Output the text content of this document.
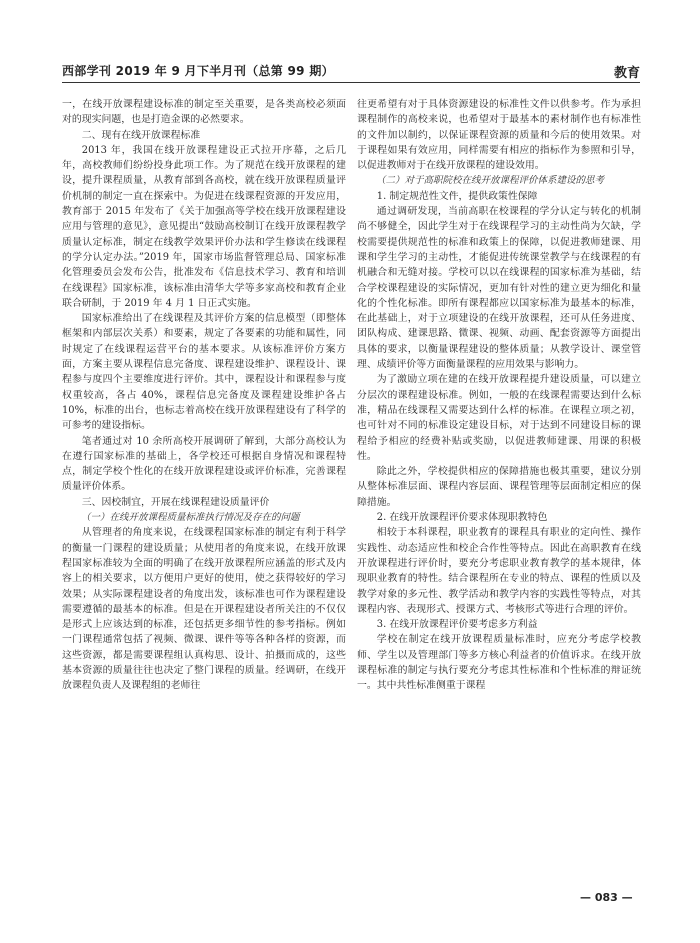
西部学刊 2019 年 9 月下半月刊（总第 99 期）	教育

一，在线开放课程建设标准的制定至关重要，是各类高校必须面对的现实问题，也是打造金课的必然要求。

二、现有在线开放课程标准

2013 年，我国在线开放课程建设正式拉开序幕，之后几年，高校教师们纷纷投身此项工作。为了规范在线开放课程的建设，提升课程质量，从教育部到各高校，就在线开放课程质量评价机制的制定一直在探索中。为促进在线课程资源的开发应用，教育部于 2015 年发布了《关于加强高等学校在线开放课程建设应用与管理的意见》，意见提出“鼓励高校制订在线开放课程教学质量认定标准，制定在线教学效果评价办法和学生修读在线课程的学分认定办法。”2019 年，国家市场监督管理总局、国家标准化管理委员会发布公告，批准发布《信息技术学习、教育和培训在线课程》国家标准，该标准由清华大学等多家高校和教育企业联合研制，于 2019 年 4 月 1 日正式实施。

国家标准给出了在线课程及其评价方案的信息模型（即整体框架和内部层次关系）和要素，规定了各要素的功能和属性，同时规定了在线课程运营平台的基本要求。从该标准评价方案方面，方案主要从课程信息完备度、课程建设维护、课程设计、课程参与度四个主要维度进行评价。其中，课程设计和课程参与度权重较高，各占 40%，课程信息完备度及课程建设维护各占 10%，标准的出台，也标志着高校在线开放课程建设有了科学的可参考的建设指标。

笔者通过对 10 余所高校开展调研了解到，大部分高校认为在遵行国家标准的基础上，各学校还可根据自身情况和课程特点，制定学校个性化的在线开放课程建设或评价标准，完善课程质量评价体系。

三、因校制宜，开展在线课程建设质量评价
（一）在线开放课程质量标准执行情况及存在的问题

从管理者的角度来说，在线课程国家标准的制定有利于科学的衡量一门课程的建设质量；从使用者的角度来说，在线开放课程国家标准较为全面的明确了在线开放课程所应涵盖的形式及内容上的相关要求，以方便用户更好的使用，使之获得较好的学习效果；从实际课程建设者的角度出发，该标准也可作为课程建设需要遵循的最基本的标准。但是在开课程建设者所关注的不仅仅是形式上应该达到的标准，还包括更多细节性的参考指标。例如一门课程通常包括了视频、微课、课件等等各种各样的资源，而这些资源，都是需要课程组认真构思、设计、拍摄而成的，这些基本资源的质量往往也决定了整门课程的质量。经调研，在线开放课程负责人及课程组的老师往

往更希望有对于具体资源建设的标准性文件以供参考。作为承担课程制作的高校来说，也希望对于最基本的素材制作也有标准性的文件加以制约，以保证课程资源的质量和今后的使用效果。对于课程如果有效应用，同样需要有相应的指标作为参照和引导，以促进教师对于在线开放课程的建设效用。

（二）对于高职院校在线开放课程评价体系建设的思考
1. 制定规范性文件，提供政策性保障

通过调研发现，当前高职在校课程的学分认定与转化的机制尚不够健全，因此学生对于在线课程学习的主动性尚为欠缺，学校需要提供规范性的标准和政策上的保障，以促进教师建课、用课和学生学习的主动性，才能促进传统课堂教学与在线课程的有机融合和无缝对接。学校可以以在线课程的国家标准为基础，结合学校课程建设的实际情况，更加有针对性的建立更为细化和量化的个性化标准。即所有课程都应以国家标准为最基本的标准，在此基础上，对于立项建设的在线开放课程，还可从任务进度、团队构成、建课思路、微课、视频、动画、配套资源等方面提出具体的要求，以衡量课程建设的整体质量；从教学设计、课堂管理、成绩评价等方面衡量课程的应用效果与影响力。

为了激励立项在建的在线开放课程提升建设质量，可以建立分层次的课程建设标准。例如，一般的在线课程需要达到什么标准，精品在线课程又需要达到什么样的标准。在课程立项之初，也可针对不同的标准设定建设目标，对于达到不同建设目标的课程给予相应的经费补贴或奖励，以促进教师建课、用课的积极性。

除此之外，学校提供相应的保障措施也极其重要，建议分别从整体标准层面、课程内容层面、课程管理等层面制定相应的保障措施。

2. 在线开放课程评价要求体现职教特色

相较于本科课程，职业教育的课程具有职业的定向性、操作实践性、动态适应性和校企合作性等特点。因此在高职教育在线开放课程进行评价时，要充分考虑职业教育教学的基本规律，体现职业教育的特性。结合课程所在专业的特点、课程的性质以及教学对象的多元性、教学活动和教学内容的实践性等特点，对其课程内容、表现形式、授课方式、考核形式等进行合理的评价。

3. 在线开放课程评价要考虑多方利益

学校在制定在线开放课程质量标准时，应充分考虑学校教师、学生以及管理部门等多方核心利益者的价值诉求。在线开放课程标准的制定与执行要充分考虑其性标准和个性标准的辩证统一。其中共性标准侧重于课程

— 083 —
